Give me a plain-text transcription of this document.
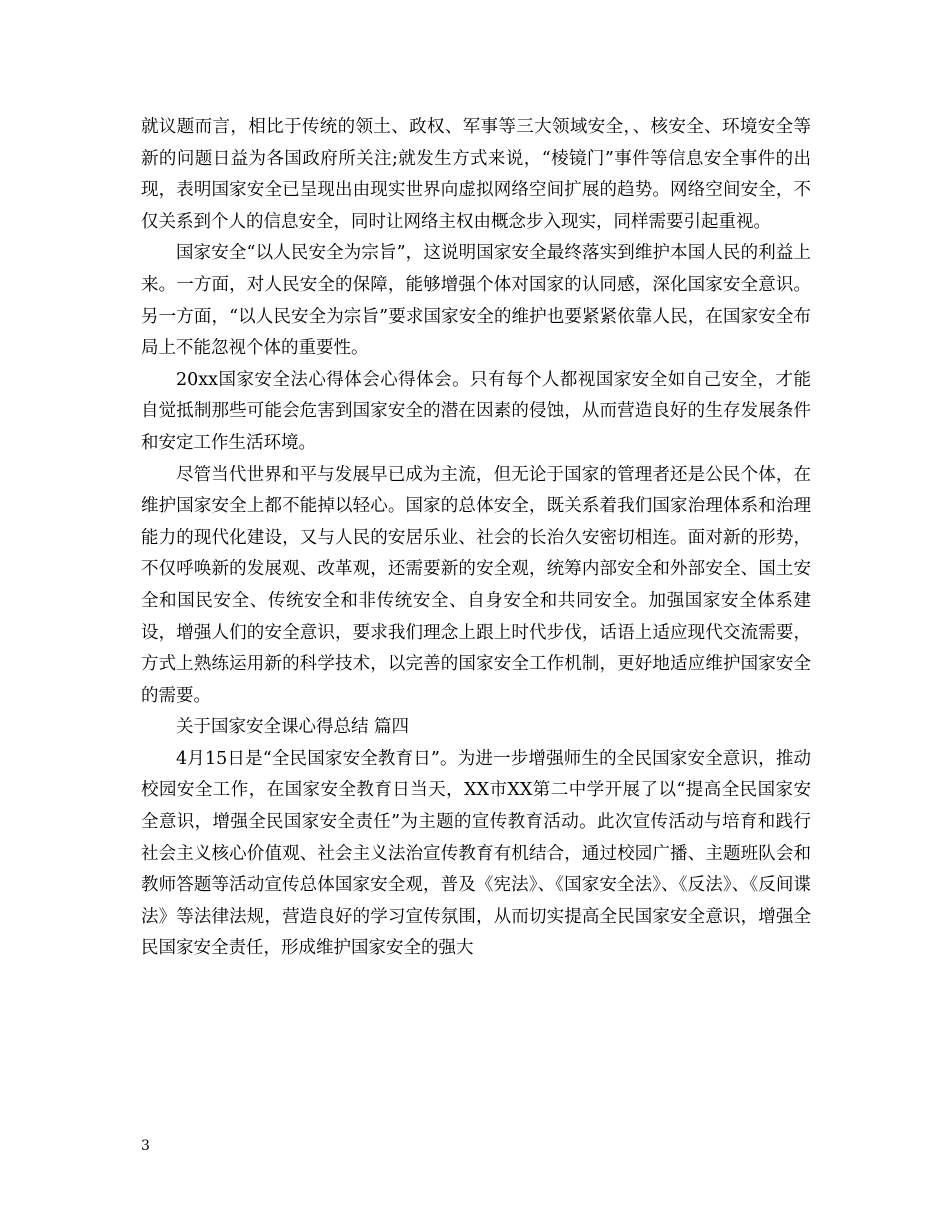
就议题而言，相比于传统的领土、政权、军事等三大领域安全，、核安全、环境安全等新的问题日益为各国政府所关注;就发生方式来说，“棱镜门”事件等信息安全事件的出现，表明国家安全已呈现出由现实世界向虚拟网络空间扩展的趋势。网络空间安全，不仅关系到个人的信息安全，同时让网络主权由概念步入现实，同样需要引起重视。

国家安全“以人民安全为宗旨”，这说明国家安全最终落实到维护本国人民的利益上来。一方面，对人民安全的保障，能够增强个体对国家的认同感，深化国家安全意识。另一方面，“以人民安全为宗旨”要求国家安全的维护也要紧紧依靠人民，在国家安全布局上不能忽视个体的重要性。

20xx国家安全法心得体会心得体会。只有每个人都视国家安全如自己安全，才能自觉抵制那些可能会危害到国家安全的潜在因素的侵蚀，从而营造良好的生存发展条件和安定工作生活环境。

尽管当代世界和平与发展早已成为主流，但无论于国家的管理者还是公民个体，在维护国家安全上都不能掉以轻心。国家的总体安全，既关系着我们国家治理体系和治理能力的现代化建设，又与人民的安居乐业、社会的长治久安密切相连。面对新的形势，不仅呼唤新的发展观、改革观，还需要新的安全观，统筹内部安全和外部安全、国土安全和国民安全、传统安全和非传统安全、自身安全和共同安全。加强国家安全体系建设，增强人们的安全意识，要求我们理念上跟上时代步伐，话语上适应现代交流需要，方式上熟练运用新的科学技术，以完善的国家安全工作机制，更好地适应维护国家安全的需要。

关于国家安全课心得总结 篇四

4月15日是“全民国家安全教育日”。为进一步增强师生的全民国家安全意识，推动校园安全工作，在国家安全教育日当天，XX市XX第二中学开展了以“提高全民国家安全意识，增强全民国家安全责任”为主题的宣传教育活动。此次宣传活动与培育和践行社会主义核心价值观、社会主义法治宣传教育有机结合，通过校园广播、主题班队会和教师答题等活动宣传总体国家安全观，普及《宪法》、《国家安全法》、《反法》、《反间谍法》等法律法规，营造良好的学习宣传氛围，从而切实提高全民国家安全意识，增强全民国家安全责任，形成维护国家安全的强大

3
